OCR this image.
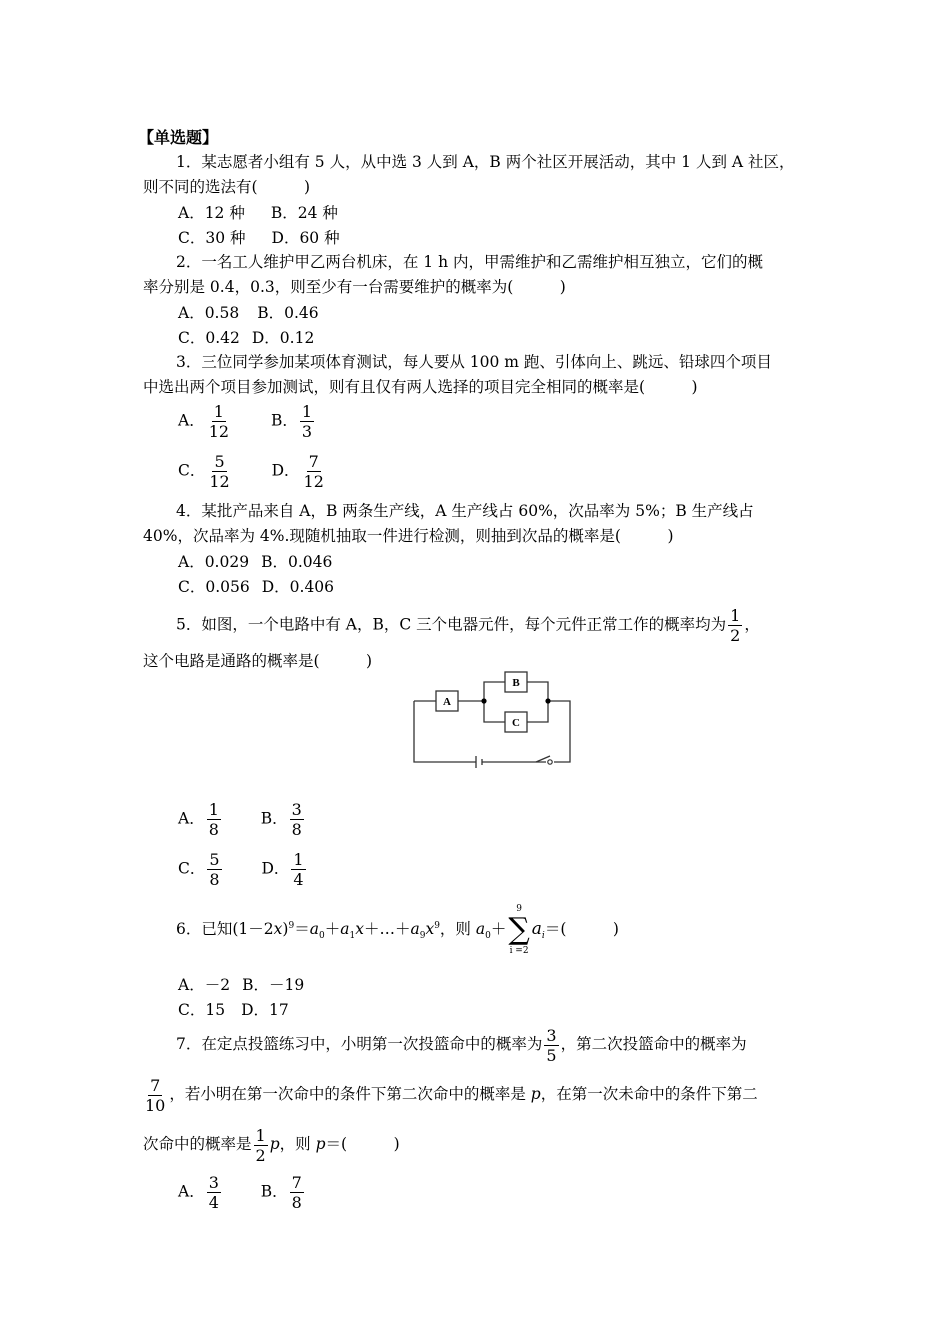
【单选题】
1．某志愿者小组有 5 人，从中选 3 人到 A，B 两个社区开展活动，其中 1 人到 A 社区，
则不同的选法有(　　　)
A．12 种 B．24 种
C．30 种 D．60 种
2．一名工人维护甲乙两台机床，在 1 h 内，甲需维护和乙需维护相互独立，它们的概
率分别是 0.4，0.3，则至少有一台需要维护的概率为(　　　)
A．0.58 B．0.46
C．0.42 D．0.12
3．三位同学参加某项体育测试，每人要从 100 m 跑、引体向上、跳远、铅球四个项目
中选出两个项目参加测试，则有且仅有两人选择的项目完全相同的概率是(　　　)
A． $\frac{1}{12}$	B． $\frac{1}{3}$
C． $\frac{5}{12}$	D． $\frac{7}{12}$
4．某批产品来自 A，B 两条生产线，A 生产线占 60%，次品率为 5%；B 生产线占
40%，次品率为 4%.现随机抽取一件进行检测，则抽到次品的概率是(　　　)
A．0.029 B．0.046
C．0.056 D．0.406
5．如图，一个电路中有 A，B，C 三个电器元件，每个元件正常工作的概率均为 $\frac{1}{2}$ ，
这个电路是通路的概率是(　　　)
A
B
C
A． $\frac{1}{8}$	B． $\frac{3}{8}$
C． $\frac{5}{8}$	D． $\frac{1}{4}$
6．已知$(1-2x)^9=a_0+a_1x+\dots+a_9x^9$，则 $a_0+$
9
∑
i =2
$a_i=$(　　　)
A．－2 B．－19
C．15 D．17
7．在定点投篮练习中，小明第一次投篮命中的概率为 $\frac{3}{5}$ ，第二次投篮命中的概率为
$\frac{7}{10}$ ，若小明在第一次命中的条件下第二次命中的概率是 p，在第一次未命中的条件下第二
次命中的概率是 $\frac{1}{2}$ p，则 p＝(　　　)
A． $\frac{3}{4}$	B． $\frac{7}{8}$
